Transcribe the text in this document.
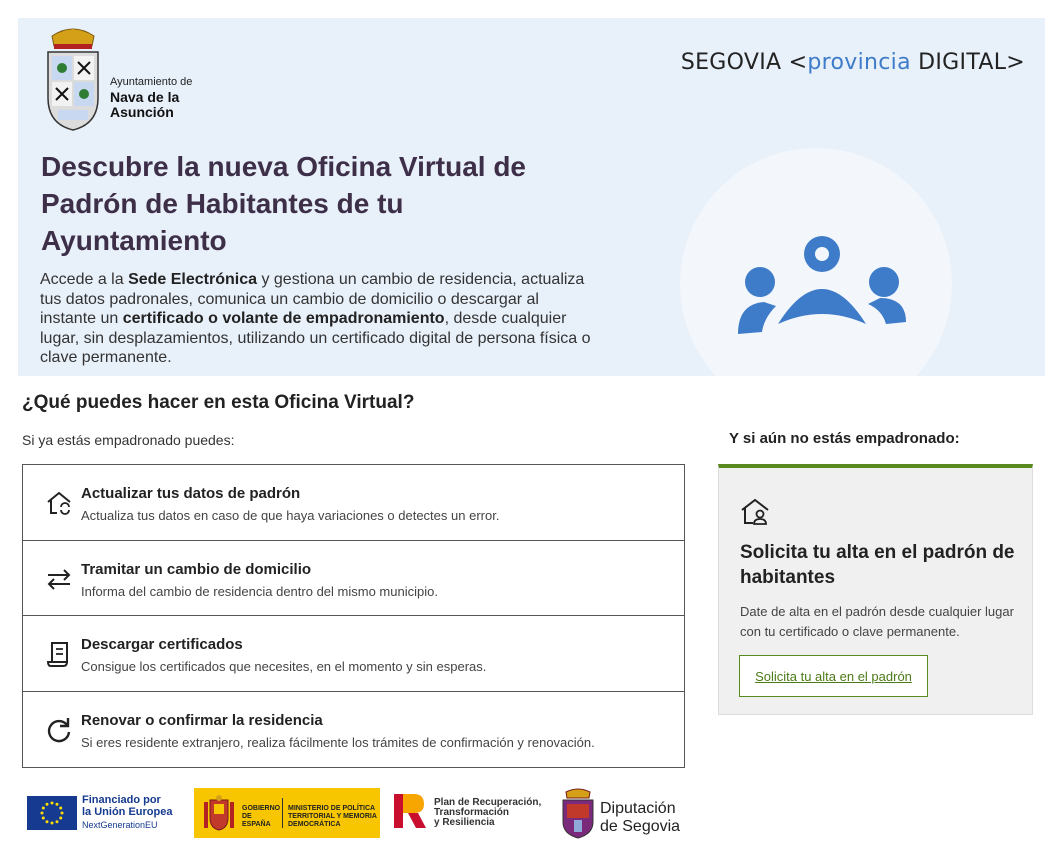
Ayuntamiento de
Nava de la Asunción
SEGOVIA <provincia DIGITAL>
Descubre la nueva Oficina Virtual de Padrón de Habitantes de tu Ayuntamiento

Accede a la Sede Electrónica y gestiona un cambio de residencia, actualiza tus datos padronales, comunica un cambio de domicilio o descargar al instante un certificado o volante de empadronamiento, desde cualquier lugar, sin desplazamientos, utilizando un certificado digital de persona física o clave permanente.

¿Qué puedes hacer en esta Oficina Virtual?
Si ya estás empadronado puedes:
Actualizar tus datos de padrón
Actualiza tus datos en caso de que haya variaciones o detectes un error.
Tramitar un cambio de domicilio
Informa del cambio de residencia dentro del mismo municipio.
Descargar certificados
Consigue los certificados que necesites, en el momento y sin esperas.
Renovar o confirmar la residencia
Si eres residente extranjero, realiza fácilmente los trámites de confirmación y renovación.
Y si aún no estás empadronado:
Solicita tu alta en el padrón de habitantes
Date de alta en el padrón desde cualquier lugar con tu certificado o clave permanente.
Solicita tu alta en el padrón
Financiado por
la Unión Europea
NextGenerationEU
GOBIERNO DE ESPAÑA
MINISTERIO DE POLÍTICA TERRITORIAL Y MEMORIA DEMOCRÁTICA
Plan de Recuperación,
Transformación
y Resiliencia
Diputación
de Segovia
